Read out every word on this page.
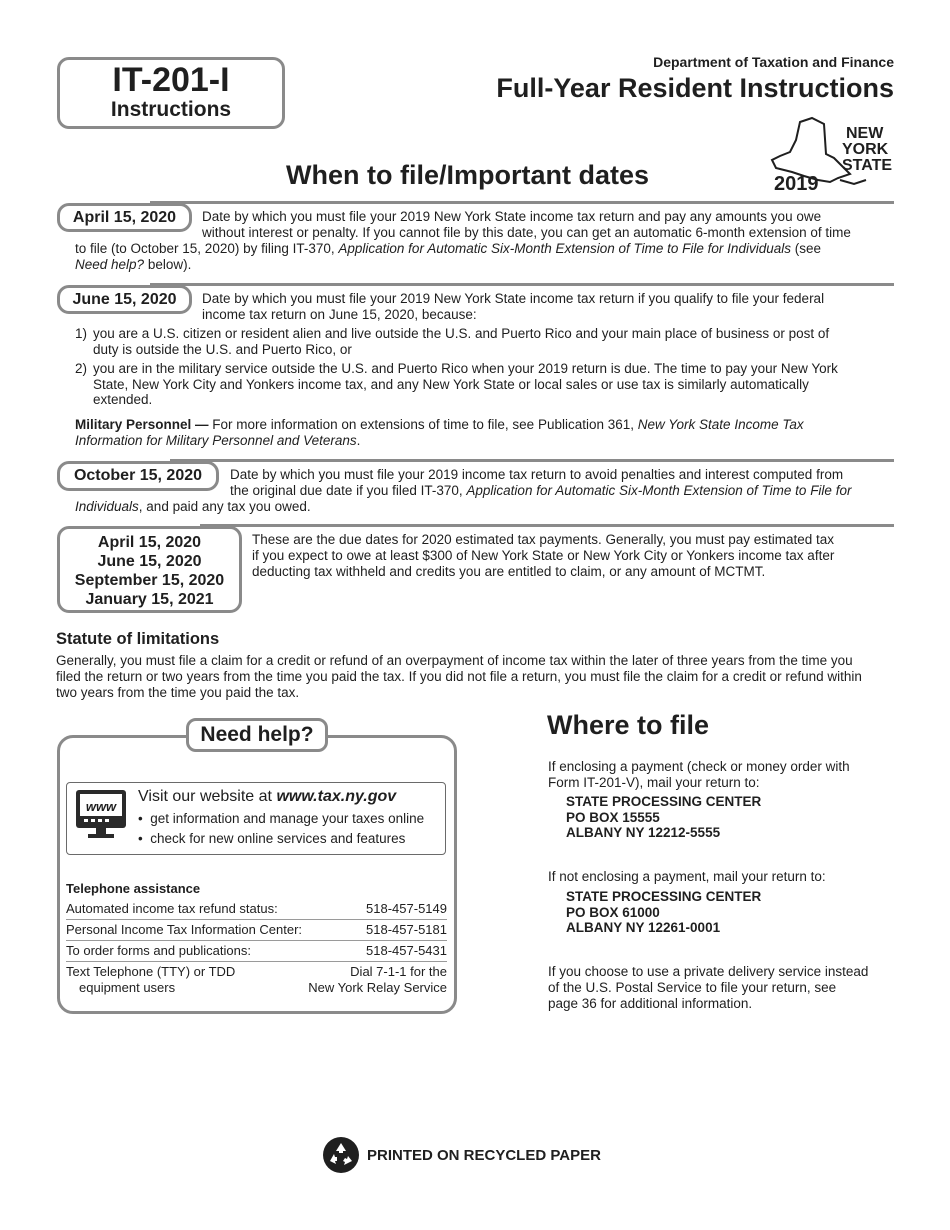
IT-201-I
Instructions
Department of Taxation and Finance
Full-Year Resident Instructions
NEW
YORK
STATE
2019
When to file/Important dates
April 15, 2020	Date by which you must file your 2019 New York State income tax return and pay any amounts you owe
without interest or penalty. If you cannot file by this date, you can get an automatic 6-month extension of time
to file (to October 15, 2020) by filing IT-370, Application for Automatic Six-Month Extension of Time to File for Individuals (see
Need help? below).
June 15, 2020	Date by which you must file your 2019 New York State income tax return if you qualify to file your federal
income tax return on June 15, 2020, because:
1) you are a U.S. citizen or resident alien and live outside the U.S. and Puerto Rico and your main place of business or post of
duty is outside the U.S. and Puerto Rico, or
2) you are in the military service outside the U.S. and Puerto Rico when your 2019 return is due. The time to pay your New York
State, New York City and Yonkers income tax, and any New York State or local sales or use tax is similarly automatically
extended.
Military Personnel — For more information on extensions of time to file, see Publication 361, New York State Income Tax
Information for Military Personnel and Veterans.
October 15, 2020	Date by which you must file your 2019 income tax return to avoid penalties and interest computed from
the original due date if you filed IT-370, Application for Automatic Six-Month Extension of Time to File for
Individuals, and paid any tax you owed.
April 15, 2020
June 15, 2020
September 15, 2020
January 15, 2021
These are the due dates for 2020 estimated tax payments. Generally, you must pay estimated tax
if you expect to owe at least $300 of New York State or New York City or Yonkers income tax after
deducting tax withheld and credits you are entitled to claim, or any amount of MCTMT.
Statute of limitations
Generally, you must file a claim for a credit or refund of an overpayment of income tax within the later of three years from the time you
filed the return or two years from the time you paid the tax. If you did not file a return, you must file the claim for a credit or refund within
two years from the time you paid the tax.
Need help?
www
Visit our website at www.tax.ny.gov
•  get information and manage your taxes online
•  check for new online services and features
Telephone assistance
Automated income tax refund status:	518-457-5149
Personal Income Tax Information Center:	518-457-5181
To order forms and publications:	518-457-5431
Text Telephone (TTY) or TDD
equipment users
Dial 7-1-1 for the
New York Relay Service
Where to file
If enclosing a payment (check or money order with
Form IT-201-V), mail your return to:
STATE PROCESSING CENTER
PO BOX 15555
ALBANY NY 12212-5555
If not enclosing a payment, mail your return to:
STATE PROCESSING CENTER
PO BOX 61000
ALBANY NY 12261-0001
If you choose to use a private delivery service instead
of the U.S. Postal Service to file your return, see
page 36 for additional information.
PRINTED ON RECYCLED PAPER
